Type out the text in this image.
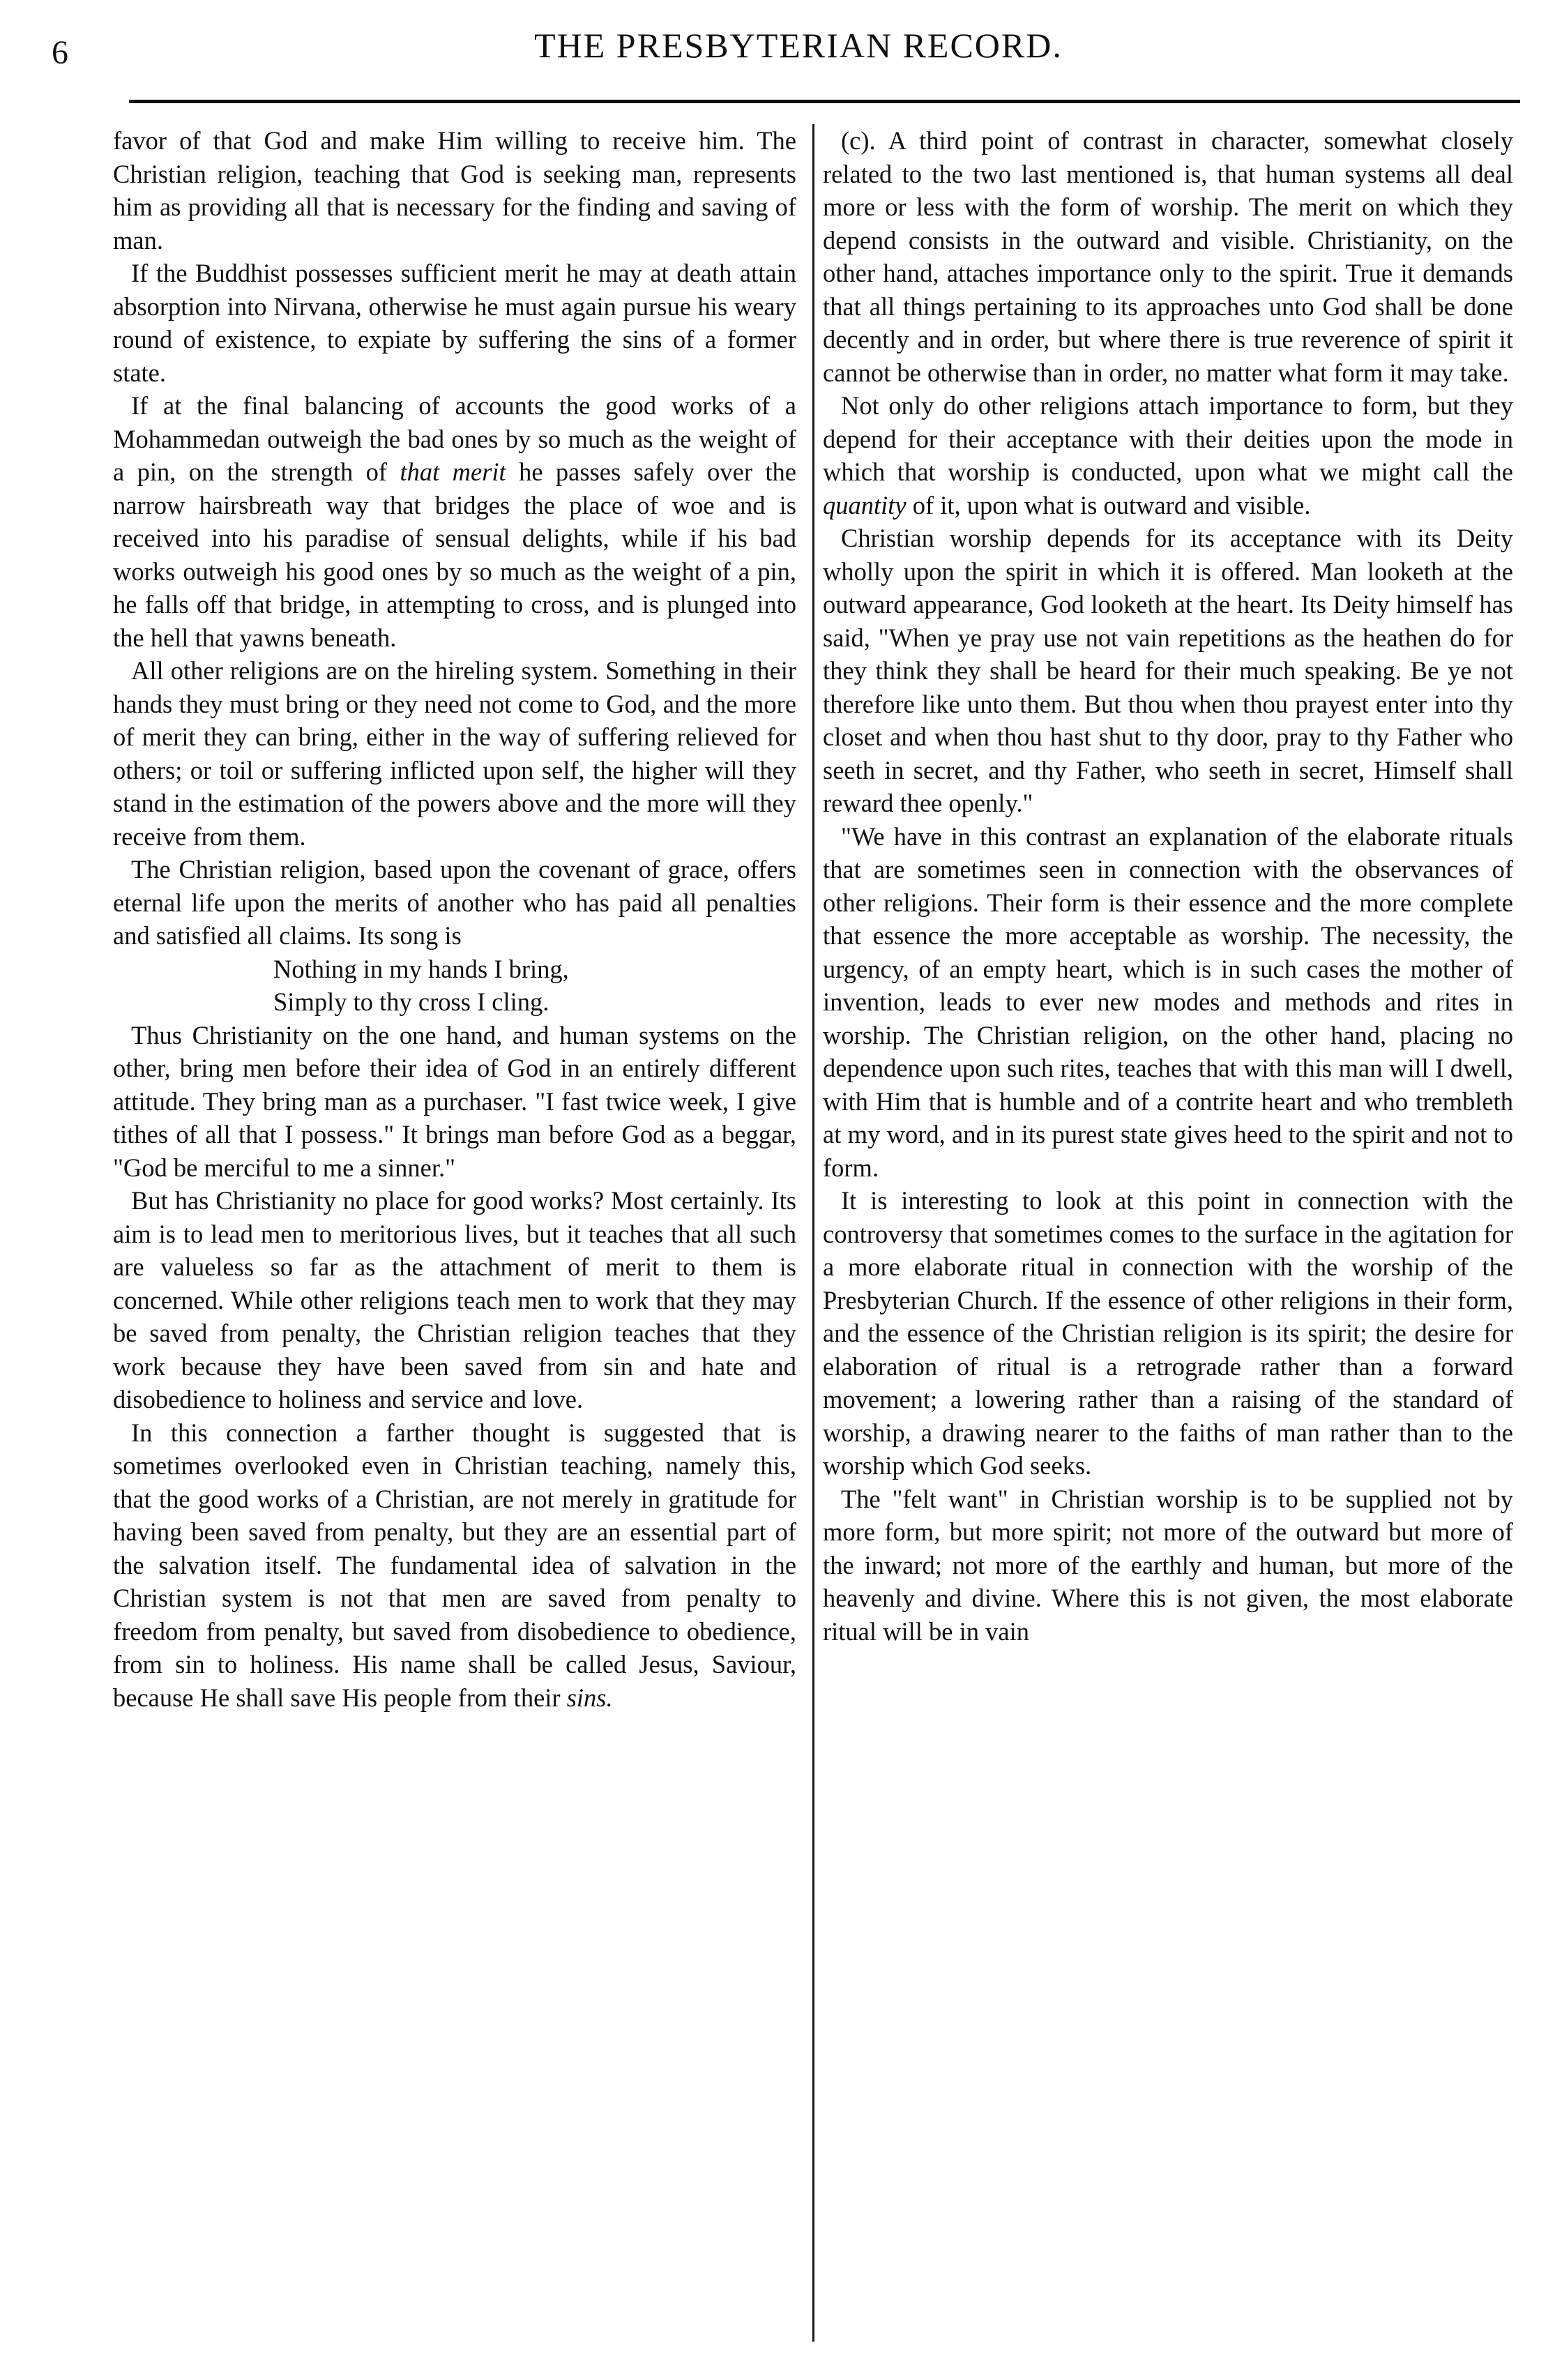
6	THE PRESBYTERIAN RECORD.

favor of that God and make Him willing to receive him. The Christian religion, teaching that God is seeking man, represents him as providing all that is necessary for the finding and saving of man.

If the Buddhist possesses sufficient merit he may at death attain absorption into Nirvana, otherwise he must again pursue his weary round of existence, to expiate by suffering the sins of a former state.

If at the final balancing of accounts the good works of a Mohammedan outweigh the bad ones by so much as the weight of a pin, on the strength of that merit he passes safely over the narrow hairsbreath way that bridges the place of woe and is received into his paradise of sensual delights, while if his bad works outweigh his good ones by so much as the weight of a pin, he falls off that bridge, in attempting to cross, and is plunged into the hell that yawns beneath.

All other religions are on the hireling system. Something in their hands they must bring or they need not come to God, and the more of merit they can bring, either in the way of suffering relieved for others; or toil or suffering inflicted upon self, the higher will they stand in the estimation of the powers above and the more will they receive from them.

The Christian religion, based upon the covenant of grace, offers eternal life upon the merits of another who has paid all penalties and satisfied all claims. Its song is

Nothing in my hands I bring,
Simply to thy cross I cling.

Thus Christianity on the one hand, and human systems on the other, bring men before their idea of God in an entirely different attitude. They bring man as a purchaser. "I fast twice week, I give tithes of all that I possess." It brings man before God as a beggar, "God be merciful to me a sinner."

But has Christianity no place for good works? Most certainly. Its aim is to lead men to meritorious lives, but it teaches that all such are valueless so far as the attachment of merit to them is concerned. While other religions teach men to work that they may be saved from penalty, the Christian religion teaches that they work because they have been saved from sin and hate and disobedience to holiness and service and love.

In this connection a farther thought is suggested that is sometimes overlooked even in Christian teaching, namely this, that the good works of a Christian, are not merely in gratitude for having been saved from penalty, but they are an essential part of the salvation itself. The fundamental idea of salvation in the Christian system is not that men are saved from penalty to freedom from penalty, but saved from disobedience to obedience, from sin to holiness. His name shall be called Jesus, Saviour, because He shall save His people from their sins.

(c). A third point of contrast in character, somewhat closely related to the two last mentioned is, that human systems all deal more or less with the form of worship. The merit on which they depend consists in the outward and visible. Christianity, on the other hand, attaches importance only to the spirit. True it demands that all things pertaining to its approaches unto God shall be done decently and in order, but where there is true reverence of spirit it cannot be otherwise than in order, no matter what form it may take.

Not only do other religions attach importance to form, but they depend for their acceptance with their deities upon the mode in which that worship is conducted, upon what we might call the quantity of it, upon what is outward and visible.

Christian worship depends for its acceptance with its Deity wholly upon the spirit in which it is offered. Man looketh at the outward appearance, God looketh at the heart. Its Deity himself has said, "When ye pray use not vain repetitions as the heathen do for they think they shall be heard for their much speaking. Be ye not therefore like unto them. But thou when thou prayest enter into thy closet and when thou hast shut to thy door, pray to thy Father who seeth in secret, and thy Father, who seeth in secret, Himself shall reward thee openly."

"We have in this contrast an explanation of the elaborate rituals that are sometimes seen in connection with the observances of other religions. Their form is their essence and the more complete that essence the more acceptable as worship. The necessity, the urgency, of an empty heart, which is in such cases the mother of invention, leads to ever new modes and methods and rites in worship. The Christian religion, on the other hand, placing no dependence upon such rites, teaches that with this man will I dwell, with Him that is humble and of a contrite heart and who trembleth at my word, and in its purest state gives heed to the spirit and not to form.

It is interesting to look at this point in connection with the controversy that sometimes comes to the surface in the agitation for a more elaborate ritual in connection with the worship of the Presbyterian Church. If the essence of other religions in their form, and the essence of the Christian religion is its spirit; the desire for elaboration of ritual is a retrograde rather than a forward movement; a lowering rather than a raising of the standard of worship, a drawing nearer to the faiths of man rather than to the worship which God seeks.

The "felt want" in Christian worship is to be supplied not by more form, but more spirit; not more of the outward but more of the inward; not more of the earthly and human, but more of the heavenly and divine. Where this is not given, the most elaborate ritual will be in vain
